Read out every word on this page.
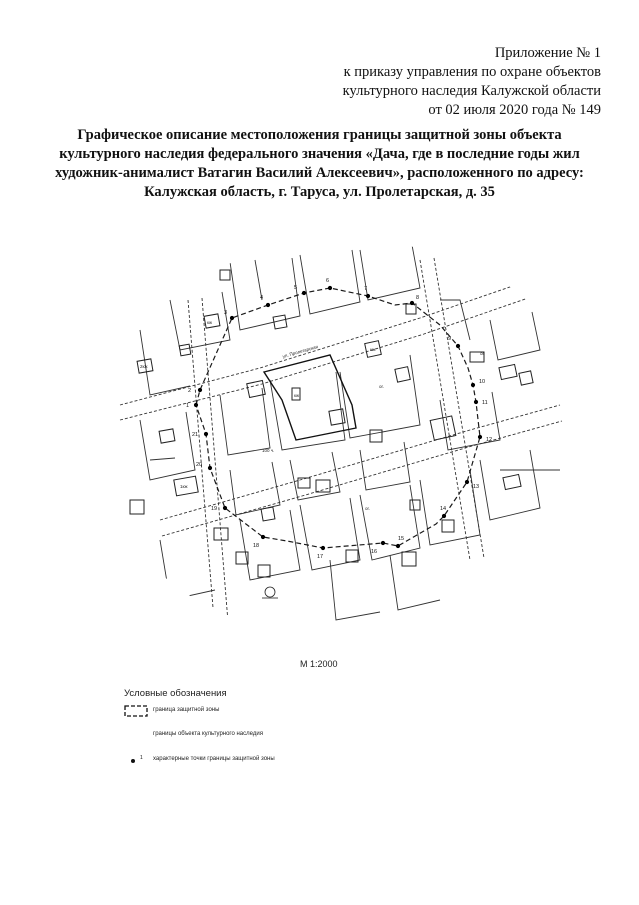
Приложение № 1
к приказу управления по охране объектов
культурного наследия Калужской области
от 02 июля 2020 года № 149
Графическое описание местоположения границы защитной зоны объекта
культурного наследия федерального значения «Дача, где в последние годы жил
художник-анималист Ватагин Василий Алексеевич», расположенного по адресу:
Калужская область, г. Таруса, ул. Пролетарская, д. 35
кж
кж
нж
2кж
1кж
ог.
ог.
ог.
100 ч.
ул. Пролетарская
1
2
3
4
5
6
7
8
9
10
11
12
13
14
15
16
17
18
19
20
21
М 1:2000
Условные обозначения
граница защитной зоны
границы объекта культурного наследия
1 характерные точки границы защитной зоны
